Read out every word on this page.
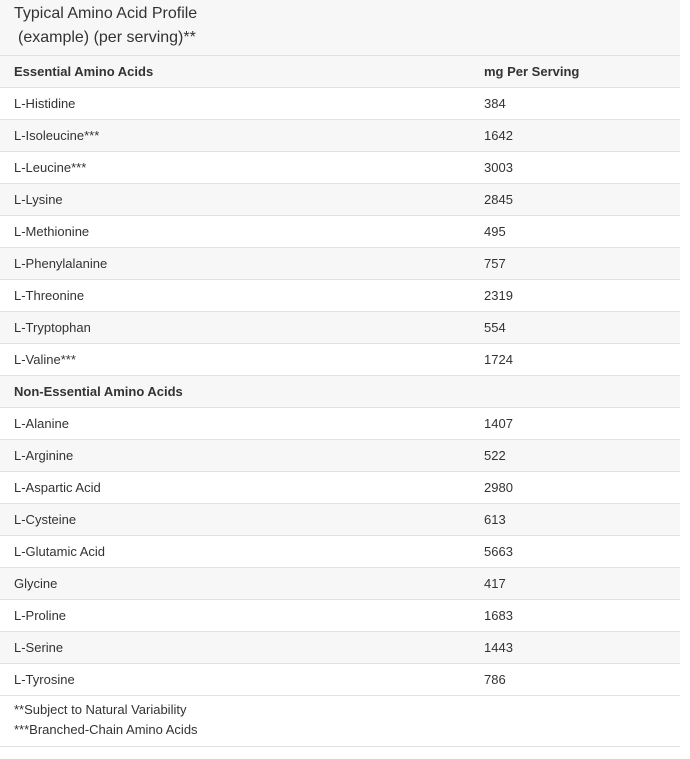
Typical Amino Acid Profile
(example) (per serving)**
Essential Amino Acids	mg Per Serving
L-Histidine	384
L-Isoleucine***	1642
L-Leucine***	3003
L-Lysine	2845
L-Methionine	495
L-Phenylalanine	757
L-Threonine	2319
L-Tryptophan	554
L-Valine***	1724
Non-Essential Amino Acids	
L-Alanine	1407
L-Arginine	522
L-Aspartic Acid	2980
L-Cysteine	613
L-Glutamic Acid	5663
Glycine	417
L-Proline	1683
L-Serine	1443
L-Tyrosine	786
**Subject to Natural Variability
***Branched-Chain Amino Acids
